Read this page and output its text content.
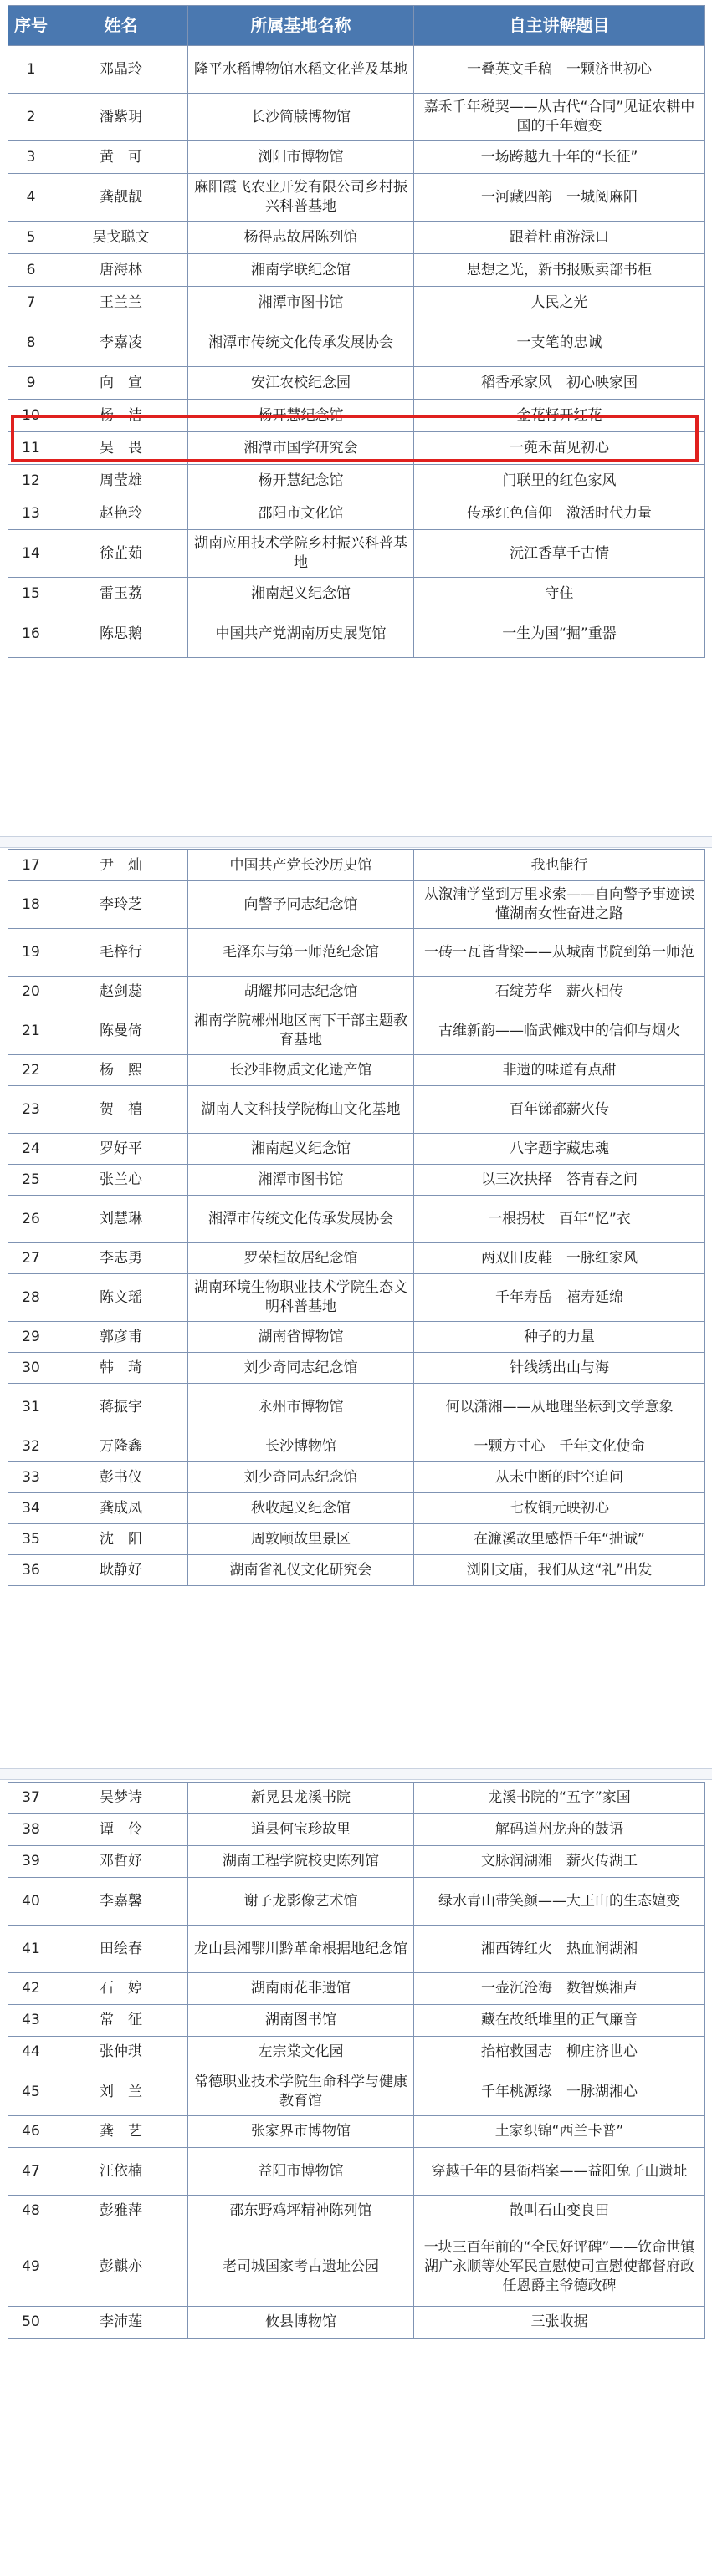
序号	姓名	所属基地名称	自主讲解题目
1	邓晶玲	隆平水稻博物馆水稻文化普及基地	一叠英文手稿　一颗济世初心
2	潘紫玥	长沙简牍博物馆	嘉禾千年税契——从古代“合同”见证农耕中国的千年嬗变
3	黄　可	浏阳市博物馆	一场跨越九十年的“长征”
4	龚靓靓	麻阳霞飞农业开发有限公司乡村振兴科普基地	一河藏四韵　一城阅麻阳
5	吴戈聪文	杨得志故居陈列馆	跟着杜甫游渌口
6	唐海林	湘南学联纪念馆	思想之光，新书报贩卖部书柜
7	王兰兰	湘潭市图书馆	人民之光
8	李嘉凌	湘潭市传统文化传承发展协会	一支笔的忠诚
9	向　宣	安江农校纪念园	稻香承家风　初心映家国
10	杨　洁	杨开慧纪念馆	金花籽开红花
11	吴　畏	湘潭市国学研究会	一蔸禾苗见初心
12	周莹雄	杨开慧纪念馆	门联里的红色家风
13	赵艳玲	邵阳市文化馆	传承红色信仰　激活时代力量
14	徐芷茹	湖南应用技术学院乡村振兴科普基地	沅江香草千古情
15	雷玉荔	湘南起义纪念馆	守住
16	陈思鹅	中国共产党湖南历史展览馆	一生为国“掘”重器
17	尹　灿	中国共产党长沙历史馆	我也能行
18	李玲芝	向警予同志纪念馆	从溆浦学堂到万里求索——自向警予事迹读懂湖南女性奋进之路
19	毛梓行	毛泽东与第一师范纪念馆	一砖一瓦皆背梁——从城南书院到第一师范
20	赵剑蕊	胡耀邦同志纪念馆	石绽芳华　薪火相传
21	陈曼倚	湘南学院郴州地区南下干部主题教育基地	古维新韵——临武傩戏中的信仰与烟火
22	杨　熙	长沙非物质文化遗产馆	非遗的味道有点甜
23	贺　禧	湖南人文科技学院梅山文化基地	百年锑都薪火传
24	罗好平	湘南起义纪念馆	八字题字藏忠魂
25	张兰心	湘潭市图书馆	以三次抉择　答青春之问
26	刘慧琳	湘潭市传统文化传承发展协会	一根拐杖　百年“忆”衣
27	李志勇	罗荣桓故居纪念馆	两双旧皮鞋　一脉红家风
28	陈文瑶	湖南环境生物职业技术学院生态文明科普基地	千年寿岳　禧寿延绵
29	郭彦甫	湖南省博物馆	种子的力量
30	韩　琦	刘少奇同志纪念馆	针线绣出山与海
31	蒋振宇	永州市博物馆	何以潇湘——从地理坐标到文学意象
32	万隆鑫	长沙博物馆	一颗方寸心　千年文化使命
33	彭书仪	刘少奇同志纪念馆	从未中断的时空追问
34	龚成凤	秋收起义纪念馆	七枚铜元映初心
35	沈　阳	周敦颐故里景区	在濂溪故里感悟千年“拙诚”
36	耿静好	湖南省礼仪文化研究会	浏阳文庙，我们从这“礼”出发
37	吴梦诗	新晃县龙溪书院	龙溪书院的“五字”家国
38	谭　伶	道县何宝珍故里	解码道州龙舟的鼓语
39	邓哲妤	湖南工程学院校史陈列馆	文脉润湖湘　薪火传湖工
40	李嘉馨	谢子龙影像艺术馆	绿水青山带笑颜——大王山的生态嬗变
41	田绘春	龙山县湘鄂川黔革命根据地纪念馆	湘西铸红火　热血润湖湘
42	石　婷	湖南雨花非遗馆	一壶沉沧海　数智焕湘声
43	常　征	湖南图书馆	藏在故纸堆里的正气廉音
44	张仲琪	左宗棠文化园	抬棺救国志　柳庄济世心
45	刘　兰	常德职业技术学院生命科学与健康教育馆	千年桃源缘　一脉湖湘心
46	龚　艺	张家界市博物馆	土家织锦“西兰卡普”
47	汪依楠	益阳市博物馆	穿越千年的县衙档案——益阳兔子山遗址
48	彭雅萍	邵东野鸡坪精神陈列馆	散叫石山变良田
49	彭麒亦	老司城国家考古遗址公园	一块三百年前的“全民好评碑”——钦命世镇湖广永顺等处军民宣慰使司宣慰使都督府政任恩爵主爷德政碑
50	李沛莲	攸县博物馆	三张收据
